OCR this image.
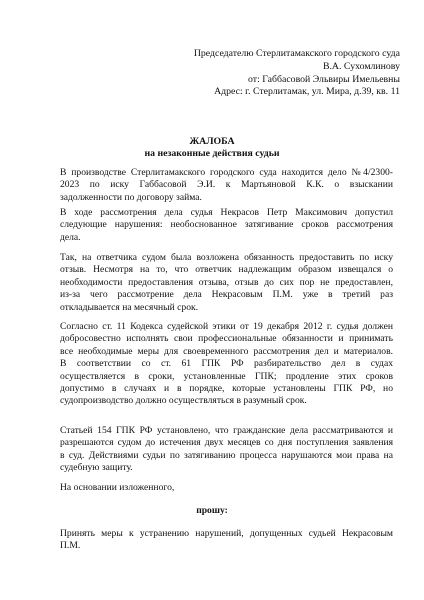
Председателю Стерлитамакского городского суда
В.А. Сухомлинову
от: Габбасовой Эльвиры Имельевны
Адрес: г. Стерлитамак, ул. Мира, д.39, кв. 11
ЖАЛОБА
на незаконные действия судьи
В производстве Стерлитамакского городского суда находится дело №4/2300-
2023 по иску Габбасовой Э.И. к Мартьяновой К.К. о взыскании
задолженности по договору займа.
В ходе рассмотрения дела судья Некрасов Петр Максимович допустил
следующие нарушения: необоснованное затягивание сроков рассмотрения
дела.
Так, на ответчика судом была возложена обязанность предоставить по иску
отзыв. Несмотря на то, что ответчик надлежащим образом извещался о
необходимости предоставления отзыва, отзыв до сих пор не предоставлен,
из-за чего рассмотрение дела Некрасовым П.М. уже в третий раз
откладывается на месячный срок.
Согласно ст. 11 Кодекса судейской этики от 19 декабря 2012 г. судья должен
добросовестно исполнять свои профессиональные обязанности и принимать
все необходимые меры для своевременного рассмотрения дел и материалов.
В соответствии со ст. 61 ГПК РФ разбирательство дел в судах
осуществляется в сроки, установленные ГПК; продление этих сроков
допустимо в случаях и в порядке, которые установлены ГПК РФ, но
судопроизводство должно осуществляться в разумный срок.
Статьей 154 ГПК РФ установлено, что гражданские дела рассматриваются и
разрешаются судом до истечения двух месяцев со дня поступления заявления
в суд. Действиями судьи по затягиванию процесса нарушаются мои права на
судебную защиту.
На основании изложенного,
прошу:
Принять меры к устранению нарушений, допущенных судьей Некрасовым
П.М.
